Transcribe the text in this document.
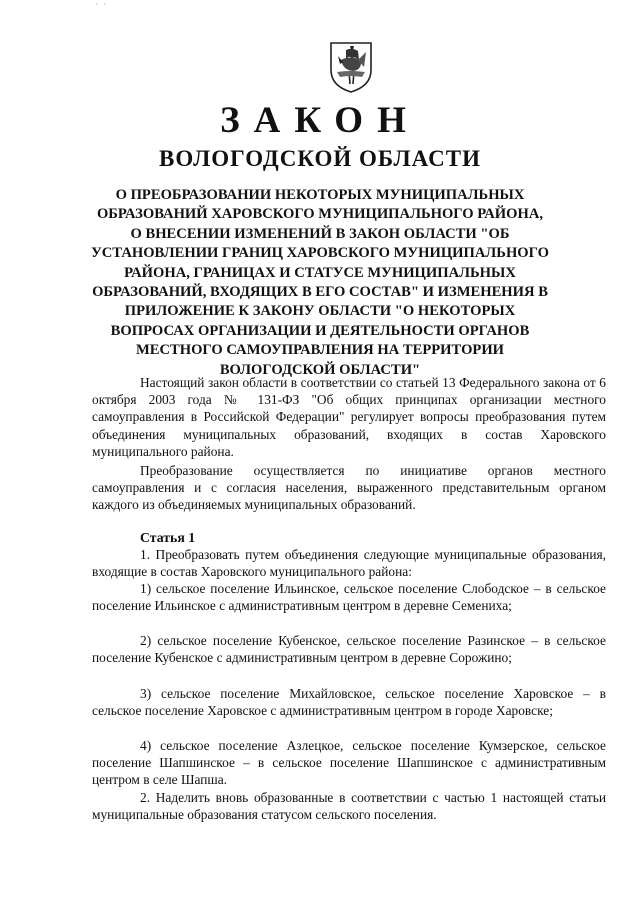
' '
ЗАКОН
ВОЛОГОДСКОЙ ОБЛАСТИ

О ПРЕОБРАЗОВАНИИ НЕКОТОРЫХ МУНИЦИПАЛЬНЫХ ОБРАЗОВАНИЙ ХАРОВСКОГО МУНИЦИПАЛЬНОГО РАЙОНА, О ВНЕСЕНИИ ИЗМЕНЕНИЙ В ЗАКОН ОБЛАСТИ "ОБ УСТАНОВЛЕНИИ ГРАНИЦ ХАРОВСКОГО МУНИЦИПАЛЬНОГО РАЙОНА, ГРАНИЦАХ И СТАТУСЕ МУНИЦИПАЛЬНЫХ ОБРАЗОВАНИЙ, ВХОДЯЩИХ В ЕГО СОСТАВ" И ИЗМЕНЕНИЯ В ПРИЛОЖЕНИЕ К ЗАКОНУ ОБЛАСТИ "О НЕКОТОРЫХ ВОПРОСАХ ОРГАНИЗАЦИИ И ДЕЯТЕЛЬНОСТИ ОРГАНОВ МЕСТНОГО САМОУПРАВЛЕНИЯ НА ТЕРРИТОРИИ ВОЛОГОДСКОЙ ОБЛАСТИ"

Настоящий закон области в соответствии со статьей 13 Федерального закона от 6 октября 2003 года № 131-ФЗ "Об общих принципах организации местного самоуправления в Российской Федерации" регулирует вопросы преобразования путем объединения муниципальных образований, входящих в состав Харовского муниципального района.

Преобразование осуществляется по инициативе органов местного самоуправления и с согласия населения, выраженного представительным органом каждого из объединяемых муниципальных образований.

Статья 1

1. Преобразовать путем объединения следующие муниципальные образования, входящие в состав Харовского муниципального района:

1) сельское поселение Ильинское, сельское поселение Слободское – в сельское поселение Ильинское с административным центром в деревне Семениха;

2) сельское поселение Кубенское, сельское поселение Разинское – в сельское поселение Кубенское с административным центром в деревне Сорожино;

3) сельское поселение Михайловское, сельское поселение Харовское – в сельское поселение Харовское с административным центром в городе Харовске;

4) сельское поселение Азлецкое, сельское поселение Кумзерское, сельское поселение Шапшинское – в сельское поселение Шапшинское с административным центром в селе Шапша.

2. Наделить вновь образованные в соответствии с частью 1 настоящей статьи муниципальные образования статусом сельского поселения.
